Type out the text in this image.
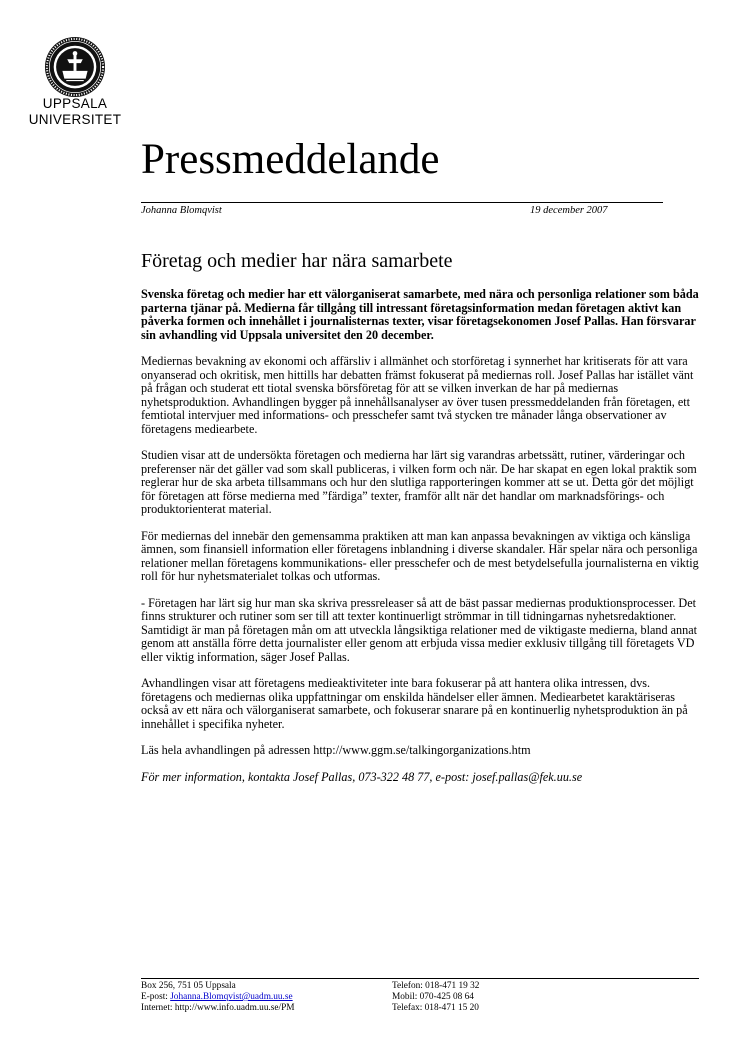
UPPSALA
UNIVERSITET
Pressmeddelande
Johanna Blomqvist	19 december 2007
Företag och medier har nära samarbete

Svenska företag och medier har ett välorganiserat samarbete, med nära och personliga relationer som båda parterna tjänar på. Medierna får tillgång till intressant företagsinformation medan företagen aktivt kan påverka formen och innehållet i journalisternas texter, visar företagsekonomen Josef Pallas. Han försvarar sin avhandling vid Uppsala universitet den 20 december.

Mediernas bevakning av ekonomi och affärsliv i allmänhet och storföretag i synnerhet har kritiserats för att vara onyanserad och okritisk, men hittills har debatten främst fokuserat på mediernas roll. Josef Pallas har istället vänt på frågan och studerat ett tiotal svenska börsföretag för att se vilken inverkan de har på mediernas nyhetsproduktion. Avhandlingen bygger på innehållsanalyser av över tusen pressmeddelanden från företagen, ett femtiotal intervjuer med informations- och presschefer samt två stycken tre månader långa observationer av företagens mediearbete.

Studien visar att de undersökta företagen och medierna har lärt sig varandras arbetssätt, rutiner, värderingar och preferenser när det gäller vad som skall publiceras, i vilken form och när. De har skapat en egen lokal praktik som reglerar hur de ska arbeta tillsammans och hur den slutliga rapporteringen kommer att se ut. Detta gör det möjligt för företagen att förse medierna med ”färdiga” texter, framför allt när det handlar om marknadsförings- och produktorienterat material.

För mediernas del innebär den gemensamma praktiken att man kan anpassa bevakningen av viktiga och känsliga ämnen, som finansiell information eller företagens inblandning i diverse skandaler. Här spelar nära och personliga relationer mellan företagens kommunikations- eller presschefer och de mest betydelsefulla journalisterna en viktig roll för hur nyhetsmaterialet tolkas och utformas.

- Företagen har lärt sig hur man ska skriva pressreleaser så att de bäst passar mediernas produktionsprocesser. Det finns strukturer och rutiner som ser till att texter kontinuerligt strömmar in till tidningarnas nyhetsredaktioner. Samtidigt är man på företagen mån om att utveckla långsiktiga relationer med de viktigaste medierna, bland annat genom att anställa förre detta journalister eller genom att erbjuda vissa medier exklusiv tillgång till företagets VD eller viktig information, säger Josef Pallas.

Avhandlingen visar att företagens medieaktiviteter inte bara fokuserar på att hantera olika intressen, dvs. företagens och mediernas olika uppfattningar om enskilda händelser eller ämnen. Mediearbetet karaktäriseras också av ett nära och välorganiserat samarbete, och fokuserar snarare på en kontinuerlig nyhetsproduktion än på innehållet i specifika nyheter.

Läs hela avhandlingen på adressen http://www.ggm.se/talkingorganizations.htm

För mer information, kontakta Josef Pallas, 073-322 48 77, e-post: josef.pallas@fek.uu.se

Box 256, 751 05 Uppsala
E-post: Johanna.Blomqvist@uadm.uu.se
Internet: http://www.info.uadm.uu.se/PM
Telefon: 018-471 19 32
Mobil: 070-425 08 64
Telefax: 018-471 15 20
